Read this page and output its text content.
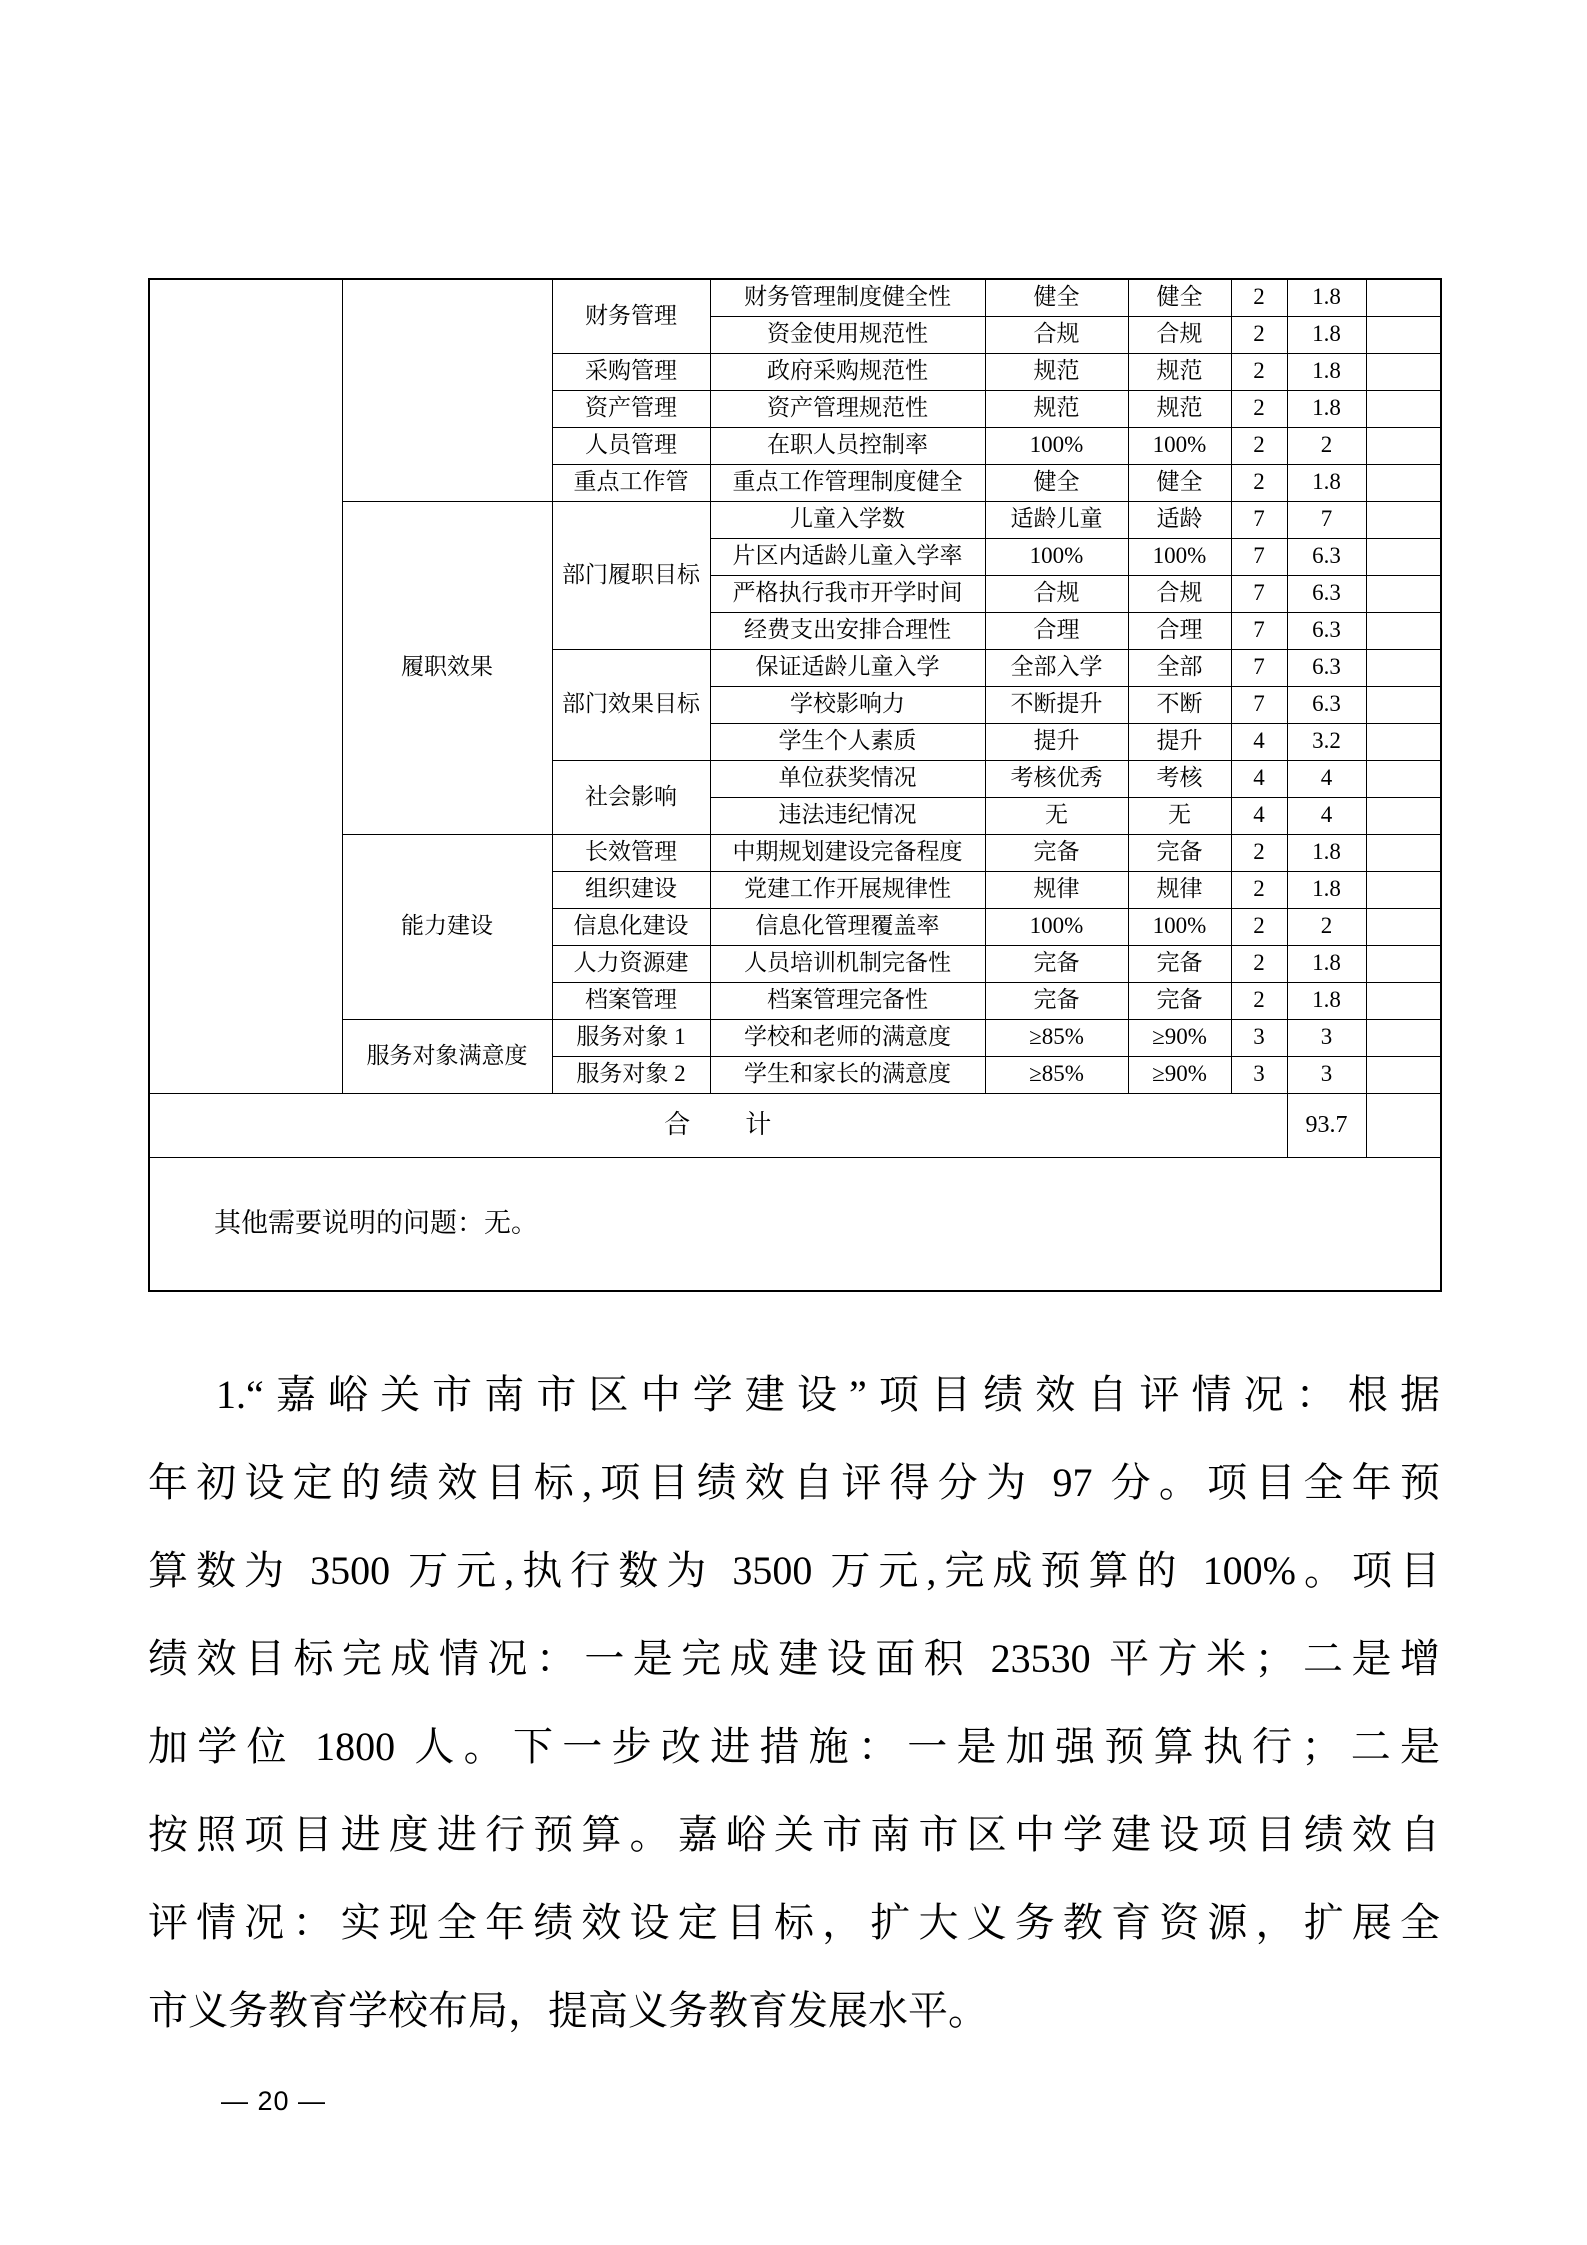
		财务管理	财务管理制度健全性	健全	健全	2	1.8	
			资金使用规范性	合规	合规	2	1.8	
		采购管理	政府采购规范性	规范	规范	2	1.8	
		资产管理	资产管理规范性	规范	规范	2	1.8	
		人员管理	在职人员控制率	100%	100%	2	2	
		重点工作管	重点工作管理制度健全	健全	健全	2	1.8	
	履职效果	部门履职目标	儿童入学数	适龄儿童	适龄	7	7	
			片区内适龄儿童入学率	100%	100%	7	6.3	
			严格执行我市开学时间	合规	合规	7	6.3	
			经费支出安排合理性	合理	合理	7	6.3	
		部门效果目标	保证适龄儿童入学	全部入学	全部	7	6.3	
			学校影响力	不断提升	不断	7	6.3	
			学生个人素质	提升	提升	4	3.2	
		社会影响	单位获奖情况	考核优秀	考核	4	4	
			违法违纪情况	无	无	4	4	
	能力建设	长效管理	中期规划建设完备程度	完备	完备	2	1.8	
		组织建设	党建工作开展规律性	规律	规律	2	1.8	
		信息化建设	信息化管理覆盖率	100%	100%	2	2	
		人力资源建	人员培训机制完备性	完备	完备	2	1.8	
		档案管理	档案管理完备性	完备	完备	2	1.8	
	服务对象满意度	服务对象 1	学校和老师的满意度	≥85%	≥90%	3	3	
		服务对象 2	学生和家长的满意度	≥85%	≥90%	3	3	
合　　计							93.7	
其他需要说明的问题：无。								
1.“嘉峪关市南市区中学建设”项目绩效自评情况：根据
年初设定的绩效目标,项目绩效自评得分为 97 分。项目全年预
算数为 3500 万元,执行数为 3500 万元,完成预算的 100%。项目
绩效目标完成情况：一是完成建设面积 23530 平方米；二是增
加学位 1800 人。下一步改进措施：一是加强预算执行；二是
按照项目进度进行预算。嘉峪关市南市区中学建设项目绩效自
评情况：实现全年绩效设定目标，扩大义务教育资源，扩展全
市义务教育学校布局，提高义务教育发展水平。
— 20 —
